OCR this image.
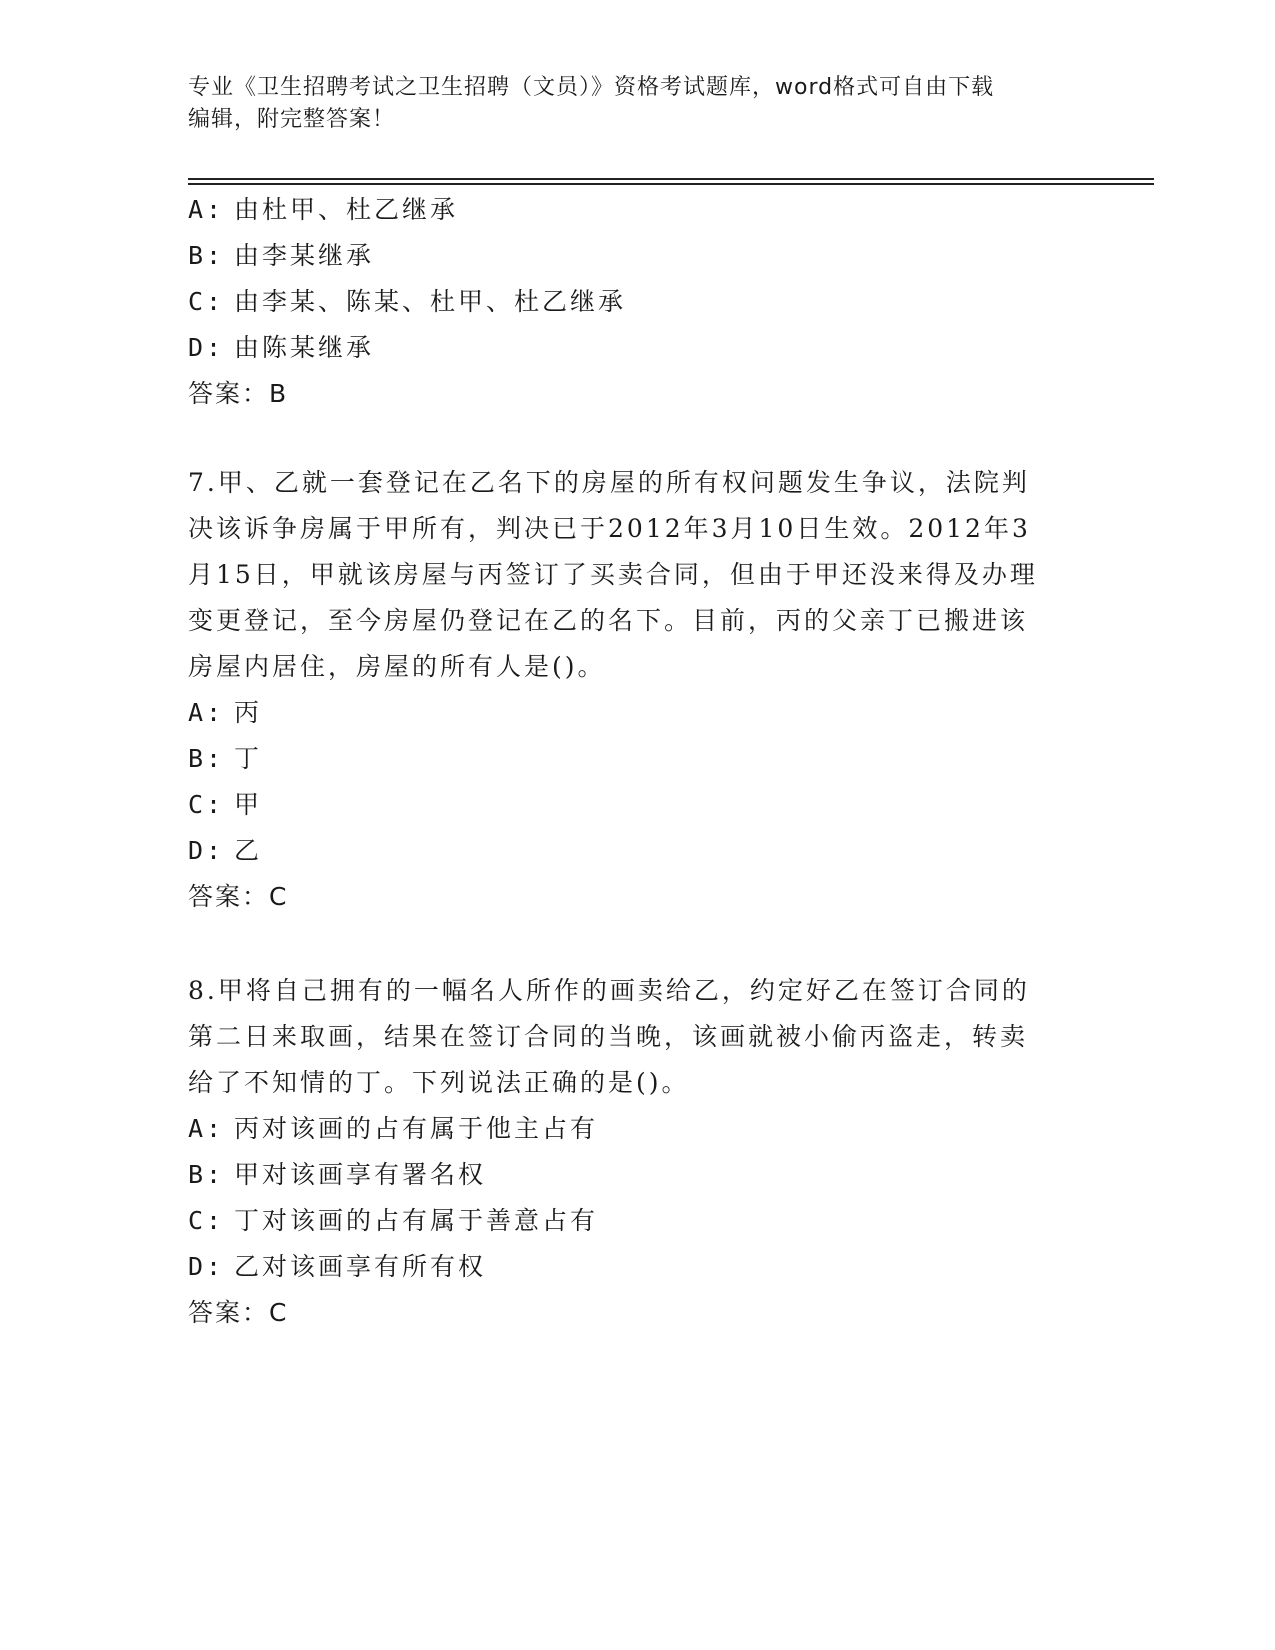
专业《卫生招聘考试之卫生招聘（文员）》资格考试题库，word格式可自由下载
编辑，附完整答案！
A: 由杜甲、杜乙继承
B: 由李某继承
C: 由李某、陈某、杜甲、杜乙继承
D: 由陈某继承
答案：B
7.甲、乙就一套登记在乙名下的房屋的所有权问题发生争议，法院判
决该诉争房属于甲所有，判决已于2012年3月10日生效。2012年3
月15日，甲就该房屋与丙签订了买卖合同，但由于甲还没来得及办理
变更登记，至今房屋仍登记在乙的名下。目前，丙的父亲丁已搬进该
房屋内居住，房屋的所有人是()。
A: 丙
B: 丁
C: 甲
D: 乙
答案：C
8.甲将自己拥有的一幅名人所作的画卖给乙，约定好乙在签订合同的
第二日来取画，结果在签订合同的当晚，该画就被小偷丙盗走，转卖
给了不知情的丁。下列说法正确的是()。
A: 丙对该画的占有属于他主占有
B: 甲对该画享有署名权
C: 丁对该画的占有属于善意占有
D: 乙对该画享有所有权
答案：C
